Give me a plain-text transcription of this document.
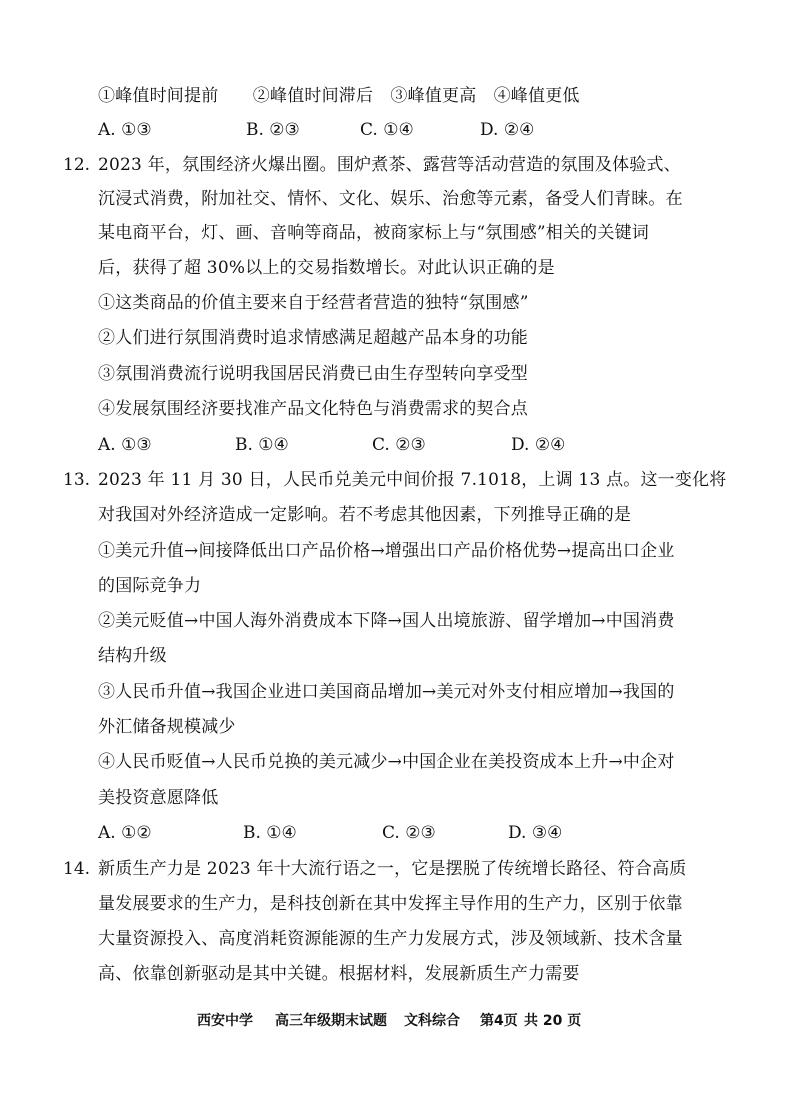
①峰值时间提前　　②峰值时间滞后　③峰值更高　④峰值更低
A. ①③	B. ②③	C. ①④	D. ②④
12. 2023 年，氛围经济火爆出圈。围炉煮茶、露营等活动营造的氛围及体验式、
沉浸式消费，附加社交、情怀、文化、娱乐、治愈等元素，备受人们青睐。在
某电商平台，灯、画、音响等商品，被商家标上与“氛围感”相关的关键词
后，获得了超 30%以上的交易指数增长。对此认识正确的是
①这类商品的价值主要来自于经营者营造的独特“氛围感”
②人们进行氛围消费时追求情感满足超越产品本身的功能
③氛围消费流行说明我国居民消费已由生存型转向享受型
④发展氛围经济要找准产品文化特色与消费需求的契合点
A. ①③	B. ①④	C. ②③	D. ②④
13. 2023 年 11 月 30 日，人民币兑美元中间价报 7.1018，上调 13 点。这一变化将
对我国对外经济造成一定影响。若不考虑其他因素，下列推导正确的是
①美元升值→间接降低出口产品价格→增强出口产品价格优势→提高出口企业
的国际竞争力
②美元贬值→中国人海外消费成本下降→国人出境旅游、留学增加→中国消费
结构升级
③人民币升值→我国企业进口美国商品增加→美元对外支付相应增加→我国的
外汇储备规模减少
④人民币贬值→人民币兑换的美元减少→中国企业在美投资成本上升→中企对
美投资意愿降低
A. ①②	B. ①④	C. ②③	D. ③④
14. 新质生产力是 2023 年十大流行语之一，它是摆脱了传统增长路径、符合高质
量发展要求的生产力，是科技创新在其中发挥主导作用的生产力，区别于依靠
大量资源投入、高度消耗资源能源的生产力发展方式，涉及领域新、技术含量
高、依靠创新驱动是其中关键。根据材料，发展新质生产力需要
西安中学 高三年级期末试题 文科综合 第4页 共 20 页
